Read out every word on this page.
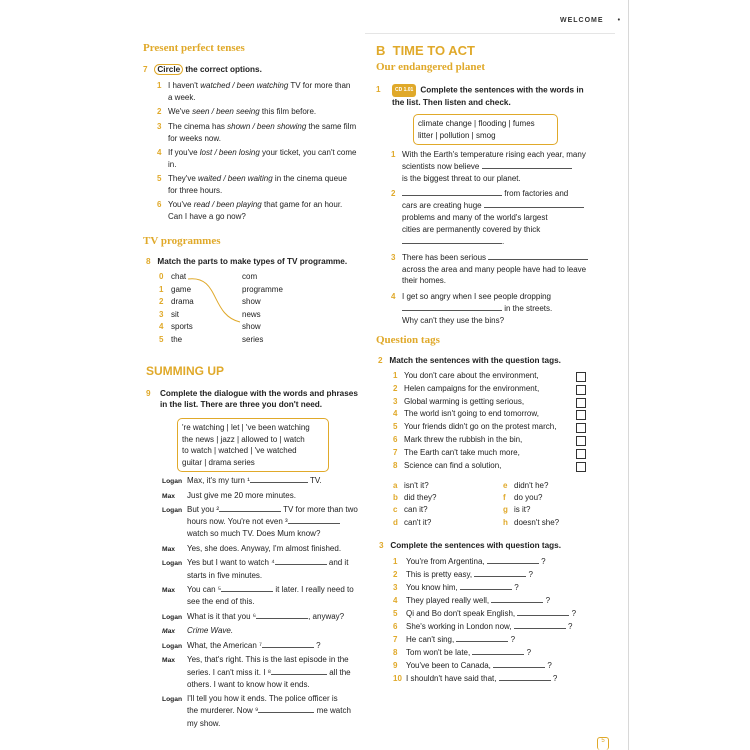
WELCOME •
Present perfect tenses
7 Circle the correct options.
1 I haven't watched / been watching TV for more than a week.
2 We've seen / been seeing this film before.
3 The cinema has shown / been showing the same film for weeks now.
4 If you've lost / been losing your ticket, you can't come in.
5 They've waited / been waiting in the cinema queue for three hours.
6 You've read / been playing that game for an hour. Can I have a go now?
TV programmes
8 Match the parts to make types of TV programme.
0 chat	com
1 game	programme
2 drama	show
3 sit	news
4 sports	show
5 the	series
SUMMING UP
9	Complete the dialogue with the words and phrases in the list. There are three you don't need.
're watching | let | 've been watching
the news | jazz | allowed to | watch
to watch | watched | 've watched
guitar | drama series
Logan Max, it's my turn ¹	TV.
Max Just give me 20 more minutes.
Logan But you ²	TV for more than two
hours now. You're not even ³
watch so much TV. Does Mum know?
Max Yes, she does. Anyway, I'm almost finished.
Logan Yes but I want to watch ⁴	and it
starts in five minutes.
Max You can ⁵	it later. I really need to
see the end of this.
Logan What is it that you ⁶	, anyway?
Max Crime Wave.
Logan What, the American ⁷	?
Max Yes, that's right. This is the last episode in the
series. I can't miss it. I ⁸	all the
others. I want to know how it ends.
Logan I'll tell you how it ends. The police officer is
the murderer. Now ⁹	me watch
my show.
B TIME TO ACT
Our endangered planet
1	CD 1.01 Complete the sentences with the words in the list. Then listen and check.
climate change | flooding | fumes
litter | pollution | smog
1 With the Earth's temperature rising each year, many
scientists now believe
is the biggest threat to our planet.
2	from factories and
cars are creating huge
problems and many of the world's largest
cities are permanently covered by thick
.
3 There has been serious
across the area and many people have had to leave
their homes.
4 I get so angry when I see people dropping
in the streets.
Why can't they use the bins?
Question tags
2 Match the sentences with the question tags.
1 You don't care about the environment,
2 Helen campaigns for the environment,
3 Global warming is getting serious,
4 The world isn't going to end tomorrow,
5 Your friends didn't go on the protest march,
6 Mark threw the rubbish in the bin,
7 The Earth can't take much more,
8 Science can find a solution,
a isn't it?
b did they?
c can it?
d can't it?
e didn't he?
f do you?
g is it?
h doesn't she?
3 Complete the sentences with question tags.
1 You're from Argentina,	?
2 This is pretty easy,	?
3 You know him,	?
4 They played really well,	?
5 Qi and Bo don't speak English,	?
6 She's working in London now,	?
7 He can't sing,	?
8 Tom won't be late,	?
9 You've been to Canada,	?
10 I shouldn't have said that,	?
5
